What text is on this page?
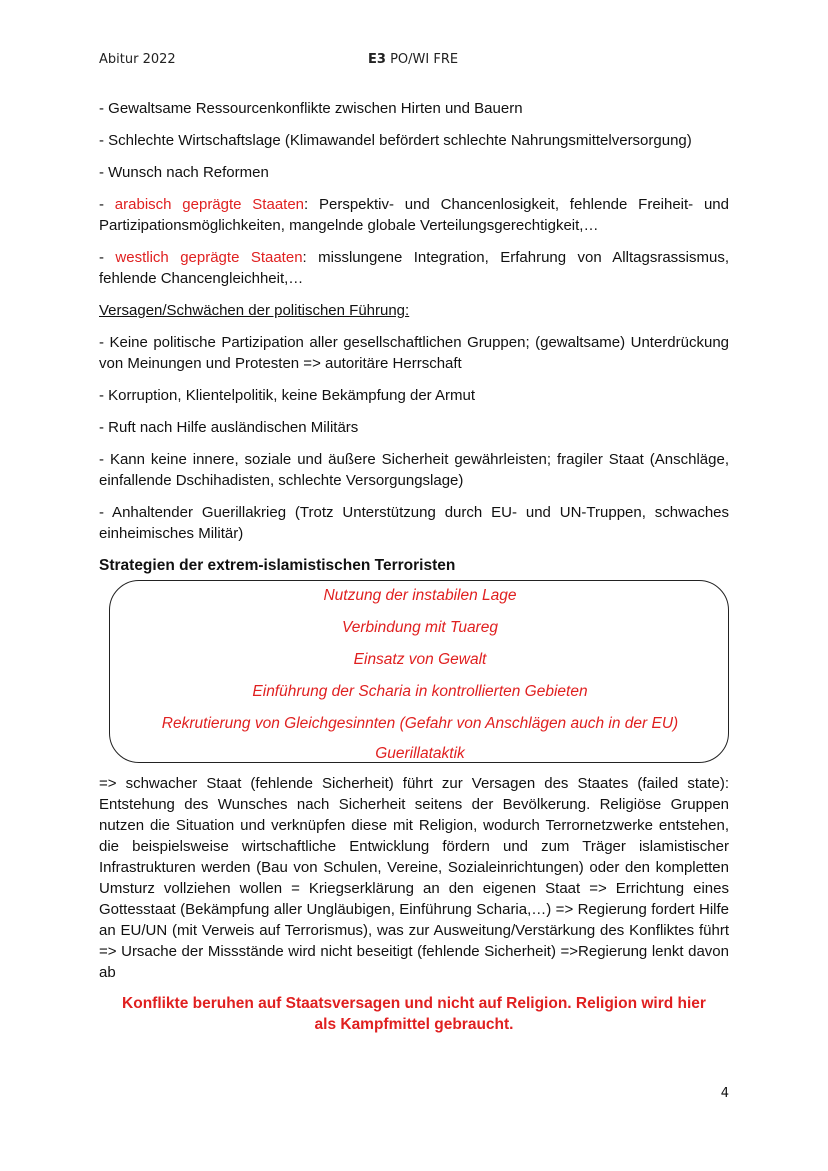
Abitur 2022	E3 PO/WI FRE

- Gewaltsame Ressourcenkonflikte zwischen Hirten und Bauern

- Schlechte Wirtschaftslage (Klimawandel befördert schlechte Nahrungsmittelversorgung)

- Wunsch nach Reformen

- arabisch geprägte Staaten: Perspektiv- und Chancenlosigkeit, fehlende Freiheit- und Partizipationsmöglichkeiten, mangelnde globale Verteilungsgerechtigkeit,…

- westlich geprägte Staaten: misslungene Integration, Erfahrung von Alltagsrassismus, fehlende Chancengleichheit,…

Versagen/Schwächen der politischen Führung:

- Keine politische Partizipation aller gesellschaftlichen Gruppen; (gewaltsame) Unterdrückung von Meinungen und Protesten => autoritäre Herrschaft

- Korruption, Klientelpolitik, keine Bekämpfung der Armut

- Ruft nach Hilfe ausländischen Militärs

- Kann keine innere, soziale und äußere Sicherheit gewährleisten; fragiler Staat (Anschläge, einfallende Dschihadisten, schlechte Versorgungslage)

- Anhaltender Guerillakrieg (Trotz Unterstützung durch EU- und UN-Truppen, schwaches einheimisches Militär)

Strategien der extrem-islamistischen Terroristen
Nutzung der instabilen Lage
Verbindung mit Tuareg
Einsatz von Gewalt
Einführung der Scharia in kontrollierten Gebieten
Rekrutierung von Gleichgesinnten (Gefahr von Anschlägen auch in der EU)
Guerillataktik

=> schwacher Staat (fehlende Sicherheit) führt zur Versagen des Staates (failed state): Entstehung des Wunsches nach Sicherheit seitens der Bevölkerung. Religiöse Gruppen nutzen die Situation und verknüpfen diese mit Religion, wodurch Terrornetzwerke entstehen, die beispielsweise wirtschaftliche Entwicklung fördern und zum Träger islamistischer Infrastrukturen werden (Bau von Schulen, Vereine, Sozialeinrichtungen) oder den kompletten Umsturz vollziehen wollen = Kriegserklärung an den eigenen Staat => Errichtung eines Gottesstaat (Bekämpfung aller Ungläubigen, Einführung Scharia,…) => Regierung fordert Hilfe an EU/UN (mit Verweis auf Terrorismus), was zur Ausweitung/Verstärkung des Konfliktes führt => Ursache der Missstände wird nicht beseitigt (fehlende Sicherheit) =>Regierung lenkt davon ab

Konflikte beruhen auf Staatsversagen und nicht auf Religion. Religion wird hier
als Kampfmittel gebraucht.
4
